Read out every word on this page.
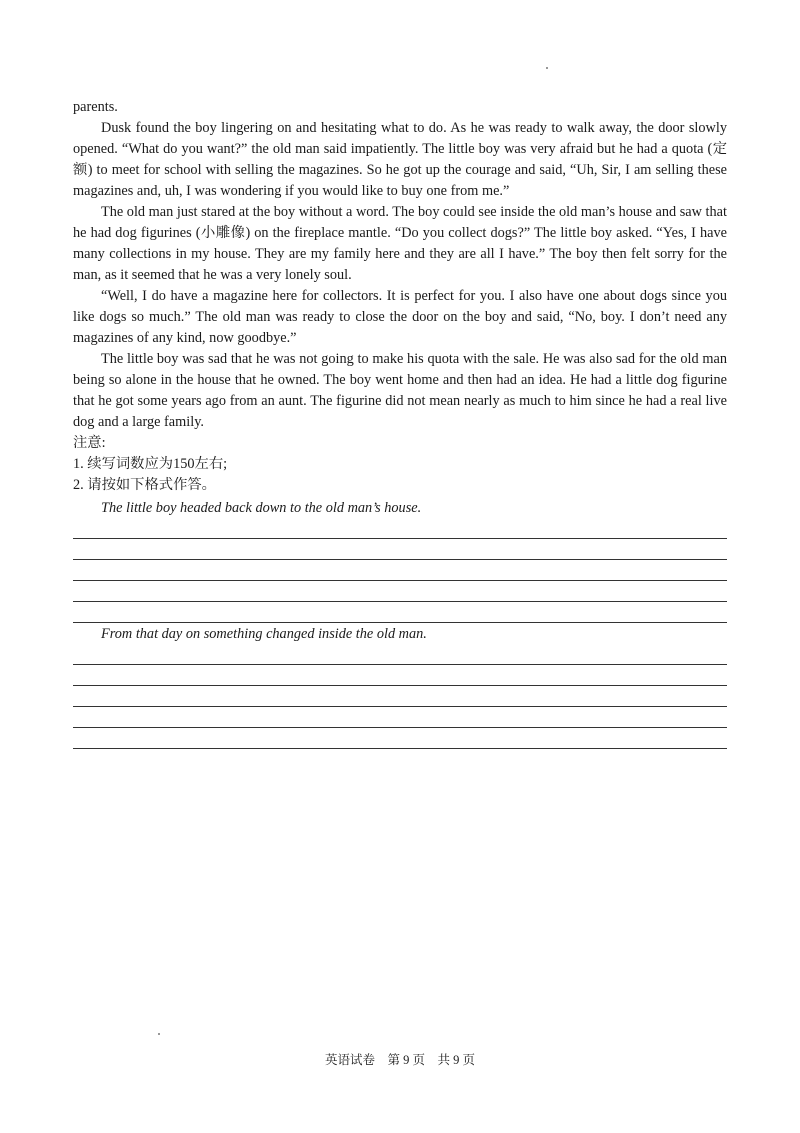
parents.

Dusk found the boy lingering on and hesitating what to do. As he was ready to walk away, the door slowly opened. “What do you want?” the old man said impatiently. The little boy was very afraid but he had a quota (定额) to meet for school with selling the magazines. So he got up the courage and said, “Uh, Sir, I am selling these magazines and, uh, I was wondering if you would like to buy one from me.”

The old man just stared at the boy without a word. The boy could see inside the old man’s house and saw that he had dog figurines (小雕像) on the fireplace mantle. “Do you collect dogs?” The little boy asked. “Yes, I have many collections in my house. They are my family here and they are all I have.” The boy then felt sorry for the man, as it seemed that he was a very lonely soul.

“Well, I do have a magazine here for collectors. It is perfect for you. I also have one about dogs since you like dogs so much.” The old man was ready to close the door on the boy and said, “No, boy. I don’t need any magazines of any kind, now goodbye.”

The little boy was sad that he was not going to make his quota with the sale. He was also sad for the old man being so alone in the house that he owned. The boy went home and then had an idea. He had a little dog figurine that he got some years ago from an aunt. The figurine did not mean nearly as much to him since he had a real live dog and a large family.

注意:

1. 续写词数应为150左右;

2. 请按如下格式作答。

The little boy headed back down to the old man’s house.
From that day on something changed inside the old man.
英语试卷    第 9 页    共 9 页
